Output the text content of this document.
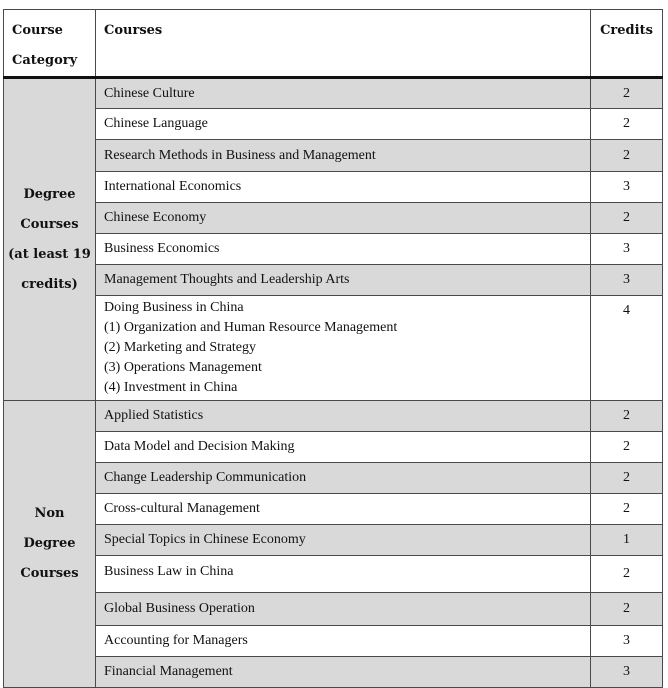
Course
Category	Courses	Credits

Degree
Courses
(at least 19
credits)	Chinese Culture	2
	Chinese Language	2
	Research Methods in Business and Management	2
	International Economics	3
	Chinese Economy	2
	Business Economics	3
	Management Thoughts and Leadership Arts	3

	Doing Business in China
(1) Organization and Human Resource Management
(2) Marketing and Strategy
(3) Operations Management
(4) Investment in China	4

Non
Degree
Courses	Applied Statistics	2
	Data Model and Decision Making	2
	Change Leadership Communication	2
	Cross-cultural Management	2
	Special Topics in Chinese Economy	1
	Business Law in China	2
	Global Business Operation	2
	Accounting for Managers	3
	Financial Management	3
